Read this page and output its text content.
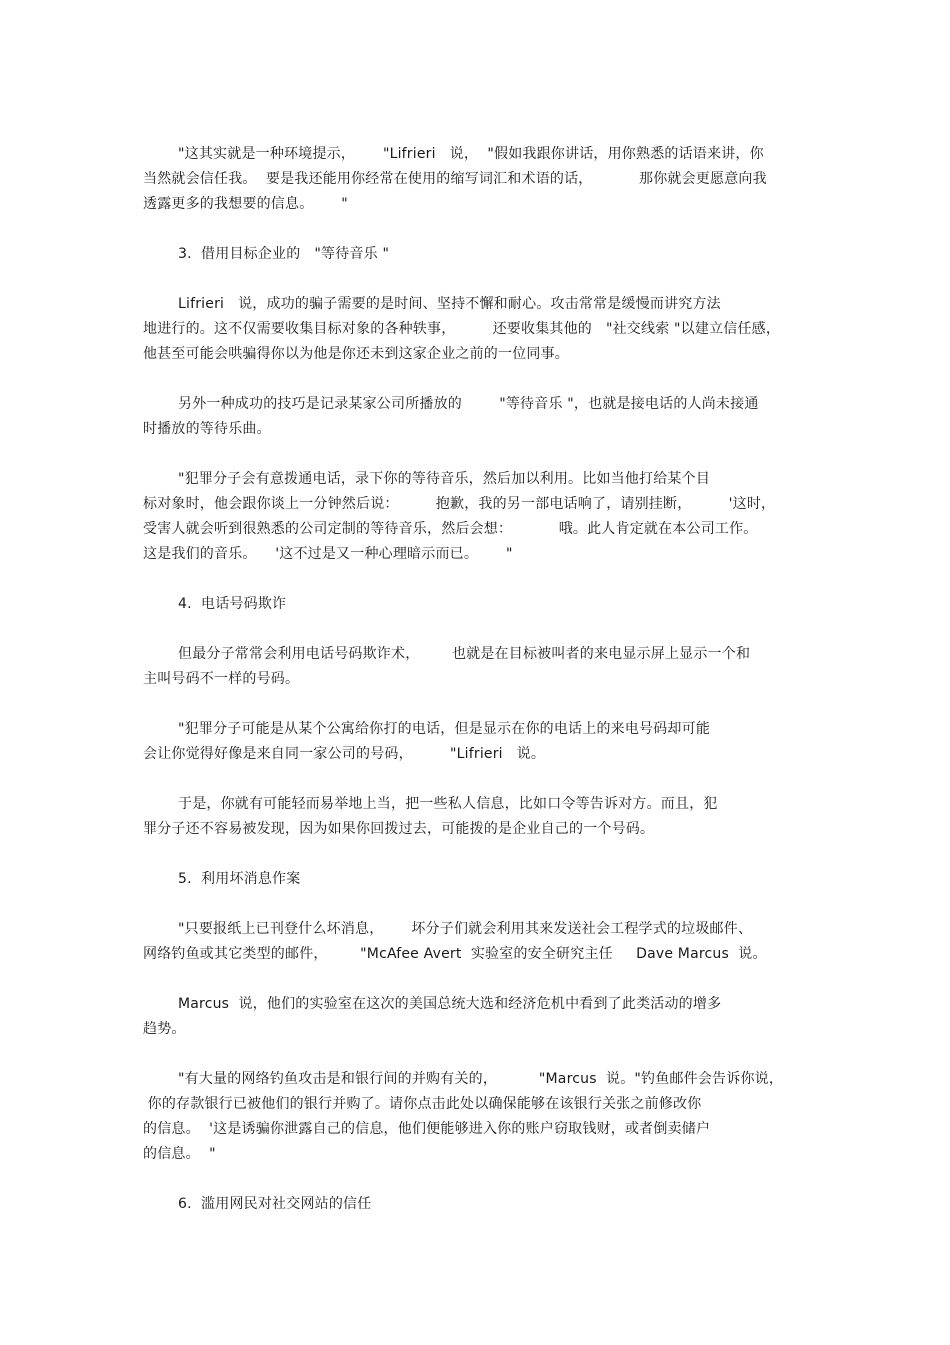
"这其实就是一种环境提示，      "Lifrieri   说，  "假如我跟你讲话，用你熟悉的话语来讲，你
当然就会信任我。  要是我还能用你经常在使用的缩写词汇和术语的话，          那你就会更愿意向我
透露更多的我想要的信息。      "
3.  借用目标企业的   "等待音乐 "
Lifrieri   说，成功的骗子需要的是时间、坚持不懈和耐心。攻击常常是缓慢而讲究方法
地进行的。这不仅需要收集目标对象的各种轶事，        还要收集其他的   "社交线索 "以建立信任感，
他甚至可能会哄骗得你以为他是你还未到这家企业之前的一位同事。
另外一种成功的技巧是记录某家公司所播放的        "等待音乐 "，也就是接电话的人尚未接通
时播放的等待乐曲。
"犯罪分子会有意拨通电话，录下你的等待音乐，然后加以利用。比如当他打给某个目
标对象时，他会跟你谈上一分钟然后说：        抱歉，我的另一部电话响了，请别挂断，        '这时，
受害人就会听到很熟悉的公司定制的等待音乐，然后会想：          哦。此人肯定就在本公司工作。
这是我们的音乐。    '这不过是又一种心理暗示而已。      "
4.  电话号码欺诈
但最分子常常会利用电话号码欺诈术，       也就是在目标被叫者的来电显示屏上显示一个和
主叫号码不一样的号码。
"犯罪分子可能是从某个公寓给你打的电话，但是显示在你的电话上的来电号码却可能
会让你觉得好像是来自同一家公司的号码，        "Lifrieri   说。
于是，你就有可能轻而易举地上当，把一些私人信息，比如口令等告诉对方。而且，犯
罪分子还不容易被发现，因为如果你回拨过去，可能拨的是企业自己的一个号码。
5.  利用坏消息作案
"只要报纸上已刊登什么坏消息，      坏分子们就会利用其来发送社会工程学式的垃圾邮件、
网络钓鱼或其它类型的邮件，       "McAfee Avert  实验室的安全研究主任     Dave Marcus  说。
Marcus  说，他们的实验室在这次的美国总统大选和经济危机中看到了此类活动的增多
趋势。
"有大量的网络钓鱼攻击是和银行间的并购有关的，         "Marcus  说。"钓鱼邮件会告诉你说，
你的存款银行已被他们的银行并购了。请你点击此处以确保能够在该银行关张之前修改你
的信息。  '这是诱骗你泄露自己的信息，他们便能够进入你的账户窃取钱财，或者倒卖储户
的信息。  "
6.  滥用网民对社交网站的信任
